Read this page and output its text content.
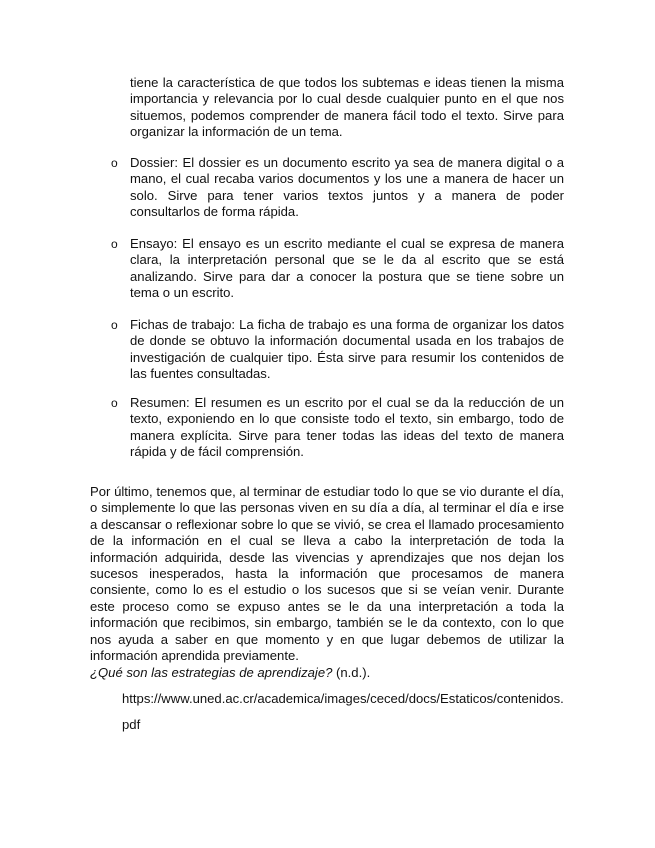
tiene la característica de que todos los subtemas e ideas tienen la misma importancia y relevancia por lo cual desde cualquier punto en el que nos situemos, podemos comprender de manera fácil todo el texto. Sirve para organizar la información de un tema.

o Dossier: El dossier es un documento escrito ya sea de manera digital o a mano, el cual recaba varios documentos y los une a manera de hacer un solo. Sirve para tener varios textos juntos y a manera de poder consultarlos de forma rápida.

o Ensayo: El ensayo es un escrito mediante el cual se expresa de manera clara, la interpretación personal que se le da al escrito que se está analizando. Sirve para dar a conocer la postura que se tiene sobre un tema o un escrito.

o Fichas de trabajo: La ficha de trabajo es una forma de organizar los datos de donde se obtuvo la información documental usada en los trabajos de investigación de cualquier tipo. Ésta sirve para resumir los contenidos de las fuentes consultadas.

o Resumen: El resumen es un escrito por el cual se da la reducción de un texto, exponiendo en lo que consiste todo el texto, sin embargo, todo de manera explícita. Sirve para tener todas las ideas del texto de manera rápida y de fácil comprensión.

Por último, tenemos que, al terminar de estudiar todo lo que se vio durante el día, o simplemente lo que las personas viven en su día a día, al terminar el día e irse a descansar o reflexionar sobre lo que se vivió, se crea el llamado procesamiento de la información en el cual se lleva a cabo la interpretación de toda la información adquirida, desde las vivencias y aprendizajes que nos dejan los sucesos inesperados, hasta la información que procesamos de manera consiente, como lo es el estudio o los sucesos que si se veían venir. Durante este proceso como se expuso antes se le da una interpretación a toda la información que recibimos, sin embargo, también se le da contexto, con lo que nos ayuda a saber en que momento y en que lugar debemos de utilizar la información aprendida previamente.

¿Qué son las estrategias de aprendizaje? (n.d.).
https://www.uned.ac.cr/academica/images/ceced/docs/Estaticos/contenidos.
pdf
